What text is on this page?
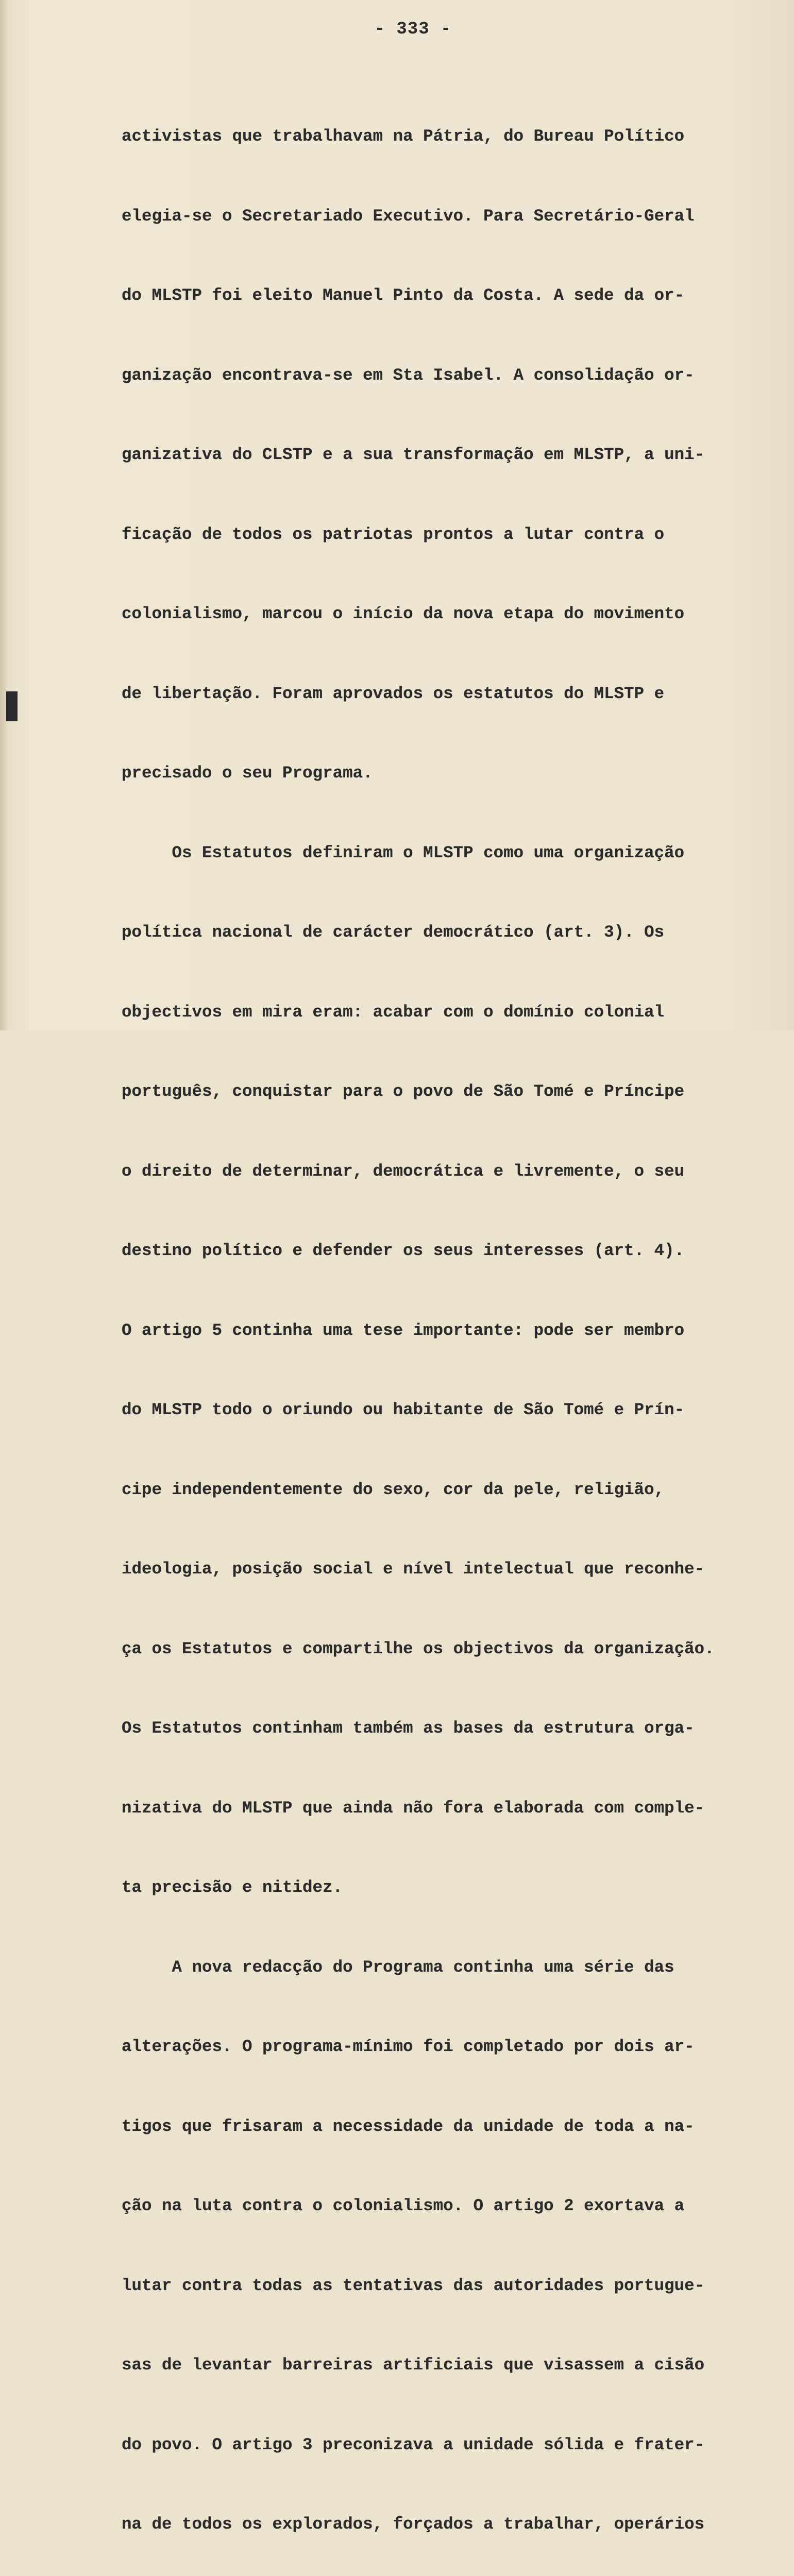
- 333 -

activistas que trabalhavam na Pátria, do Bureau Político

elegia-se o Secretariado Executivo. Para Secretário-Geral

do MLSTP foi eleito Manuel Pinto da Costa. A sede da or-

ganização encontrava-se em Sta Isabel. A consolidação or-

ganizativa do CLSTP e a sua transformação em MLSTP, a uni-

ficação de todos os patriotas prontos a lutar contra o

colonialismo, marcou o início da nova etapa do movimento

de libertação. Foram aprovados os estatutos do MLSTP e

precisado o seu Programa.

Os Estatutos definiram o MLSTP como uma organização

política nacional de carácter democrático (art. 3). Os

objectivos em mira eram: acabar com o domínio colonial

português, conquistar para o povo de São Tomé e Príncipe

o direito de determinar, democrática e livremente, o seu

destino político e defender os seus interesses (art. 4).

O artigo 5 continha uma tese importante: pode ser membro

do MLSTP todo o oriundo ou habitante de São Tomé e Prín-

cipe independentemente do sexo, cor da pele, religião,

ideologia, posição social e nível intelectual que reconhe-

ça os Estatutos e compartilhe os objectivos da organização.

Os Estatutos continham também as bases da estrutura orga-

nizativa do MLSTP que ainda não fora elaborada com comple-

ta precisão e nitidez.

A nova redacção do Programa continha uma série das

alterações. O programa-mínimo foi completado por dois ar-

tigos que frisaram a necessidade da unidade de toda a na-

ção na luta contra o colonialismo. O artigo 2 exortava a

lutar contra todas as tentativas das autoridades portugue-

sas de levantar barreiras artificiais que visassem a cisão

do povo. O artigo 3 preconizava a unidade sólida e frater-

na de todos os explorados, forçados a trabalhar, operários
